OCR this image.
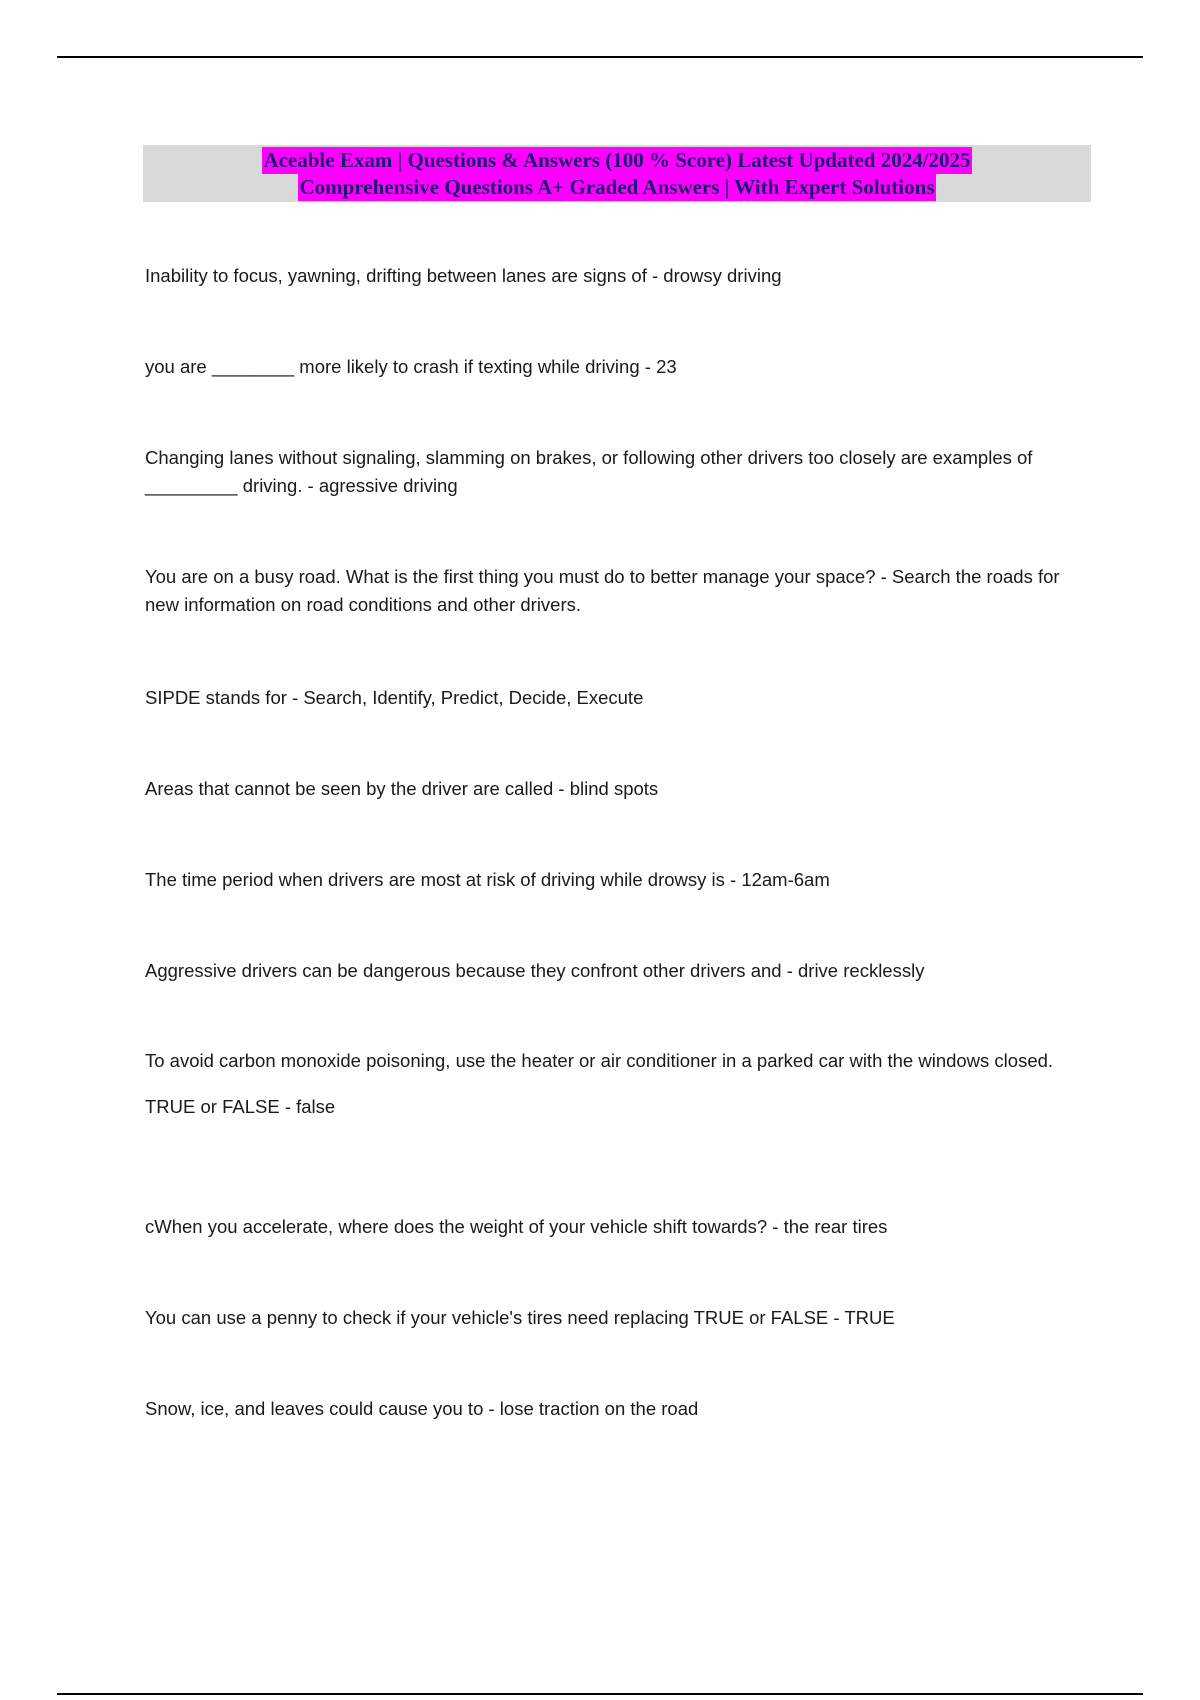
Aceable Exam | Questions & Answers (100 % Score) Latest Updated 2024/2025
Comprehensive Questions A+ Graded Answers | With Expert Solutions

Inability to focus, yawning, drifting between lanes are signs of - drowsy driving

you are ________ more likely to crash if texting while driving - 23

Changing lanes without signaling, slamming on brakes, or following other drivers too closely are examples of _________ driving. - agressive driving

You are on a busy road. What is the first thing you must do to better manage your space? - Search the roads for new information on road conditions and other drivers.

SIPDE stands for - Search, Identify, Predict, Decide, Execute

Areas that cannot be seen by the driver are called - blind spots

The time period when drivers are most at risk of driving while drowsy is - 12am-6am

Aggressive drivers can be dangerous because they confront other drivers and - drive recklessly

To avoid carbon monoxide poisoning, use the heater or air conditioner in a parked car with the windows closed.
TRUE or FALSE - false

cWhen you accelerate, where does the weight of your vehicle shift towards? - the rear tires

You can use a penny to check if your vehicle's tires need replacing TRUE or FALSE - TRUE

Snow, ice, and leaves could cause you to - lose traction on the road
